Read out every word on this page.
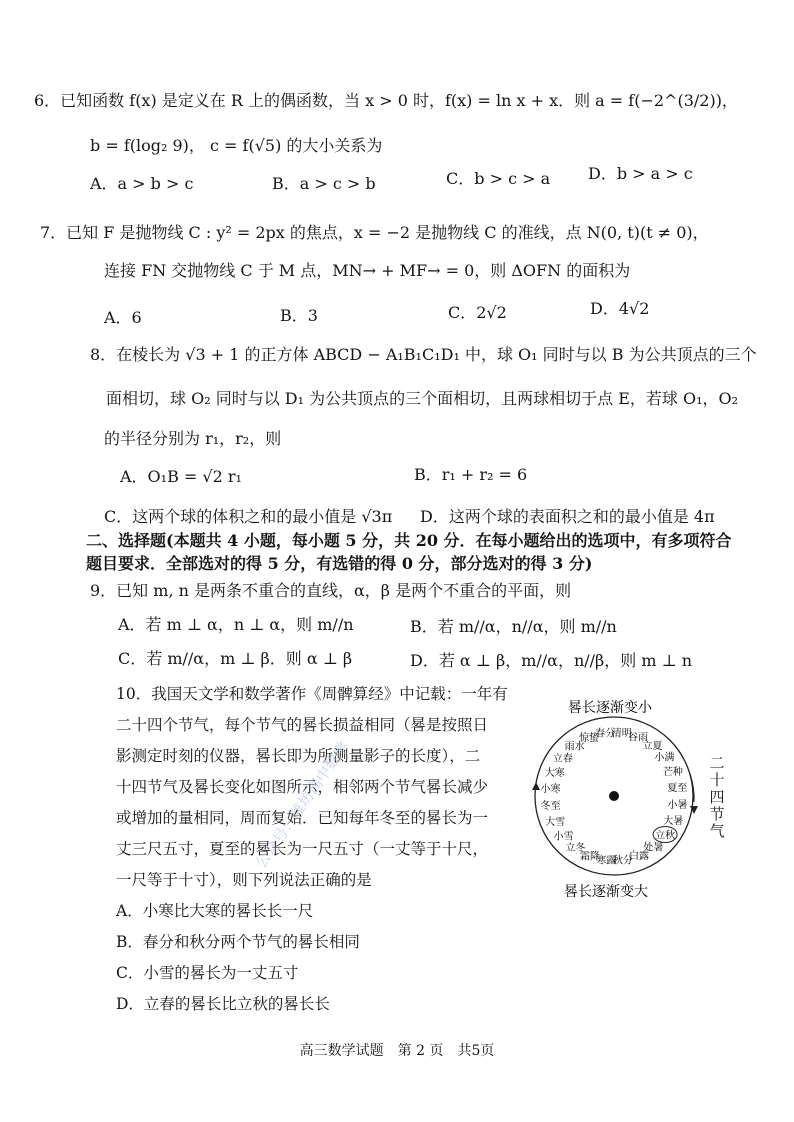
6．已知函数 f(x) 是定义在 R 上的偶函数，当 x > 0 时，f(x) = ln x + x．则 a = f(−2^(3/2))，
b = f(log₂ 9)， c = f(√5) 的大小关系为
A．a > b > c	B．a > c > b	C．b > c > a D．b > a > c
7．已知 F 是抛物线 C : y² = 2px 的焦点，x = −2 是抛物线 C 的准线，点 N(0, t)(t ≠ 0)，
连接 FN 交抛物线 C 于 M 点，MN→ + MF→ = 0，则 ΔOFN 的面积为
A．6	B．3	C．2√2	D．4√2
8．在棱长为 √3 + 1 的正方体 ABCD − A₁B₁C₁D₁ 中，球 O₁ 同时与以 B 为公共顶点的三个
面相切，球 O₂ 同时与以 D₁ 为公共顶点的三个面相切，且两球相切于点 E，若球 O₁，O₂
的半径分别为 r₁，r₂，则
A．O₁B = √2 r₁	B．r₁ + r₂ = 6
C．这两个球的体积之和的最小值是 √3π D．这两个球的表面积之和的最小值是 4π
二、选择题(本题共 4 小题，每小题 5 分，共 20 分．在每小题给出的选项中，有多项符合
题目要求．全部选对的得 5 分，有选错的得 0 分，部分选对的得 3 分)
9．已知 m, n 是两条不重合的直线，α，β 是两个不重合的平面，则
A．若 m ⊥ α，n ⊥ α，则 m//n	B．若 m//α，n//α，则 m//n
C．若 m//α，m ⊥ β．则 α ⊥ β	D．若 α ⊥ β，m//α，n//β，则 m ⊥ n
10．我国天文学和数学著作《周髀算经》中记载：一年有
二十四个节气，每个节气的晷长损益相同（晷是按照日
影测定时刻的仪器，晷长即为所测量影子的长度），二
十四节气及晷长变化如图所示，相邻两个节气晷长减少
或增加的量相同，周而复始．已知每年冬至的晷长为一
丈三尺五寸，夏至的晷长为一尺五寸（一丈等于十尺，
一尺等于十寸），则下列说法正确的是
A．小寒比大寒的晷长长一尺
B．春分和秋分两个节气的晷长相同
C．小雪的晷长为一丈五寸
D．立春的晷长比立秋的晷长长
春分
清明
谷雨
立夏
小满
芒种
夏至
小暑
大暑
立秋
处暑
白露
秋分
寒露
霜降
立冬
小雪
大雪
冬至
小寒
大寒
立春
雨水
惊蛰
晷长逐渐变小
晷长逐渐变大
二
十
四
节
气
公众号：潍坊高中数学
高三数学试题　第 2 页　共5页
